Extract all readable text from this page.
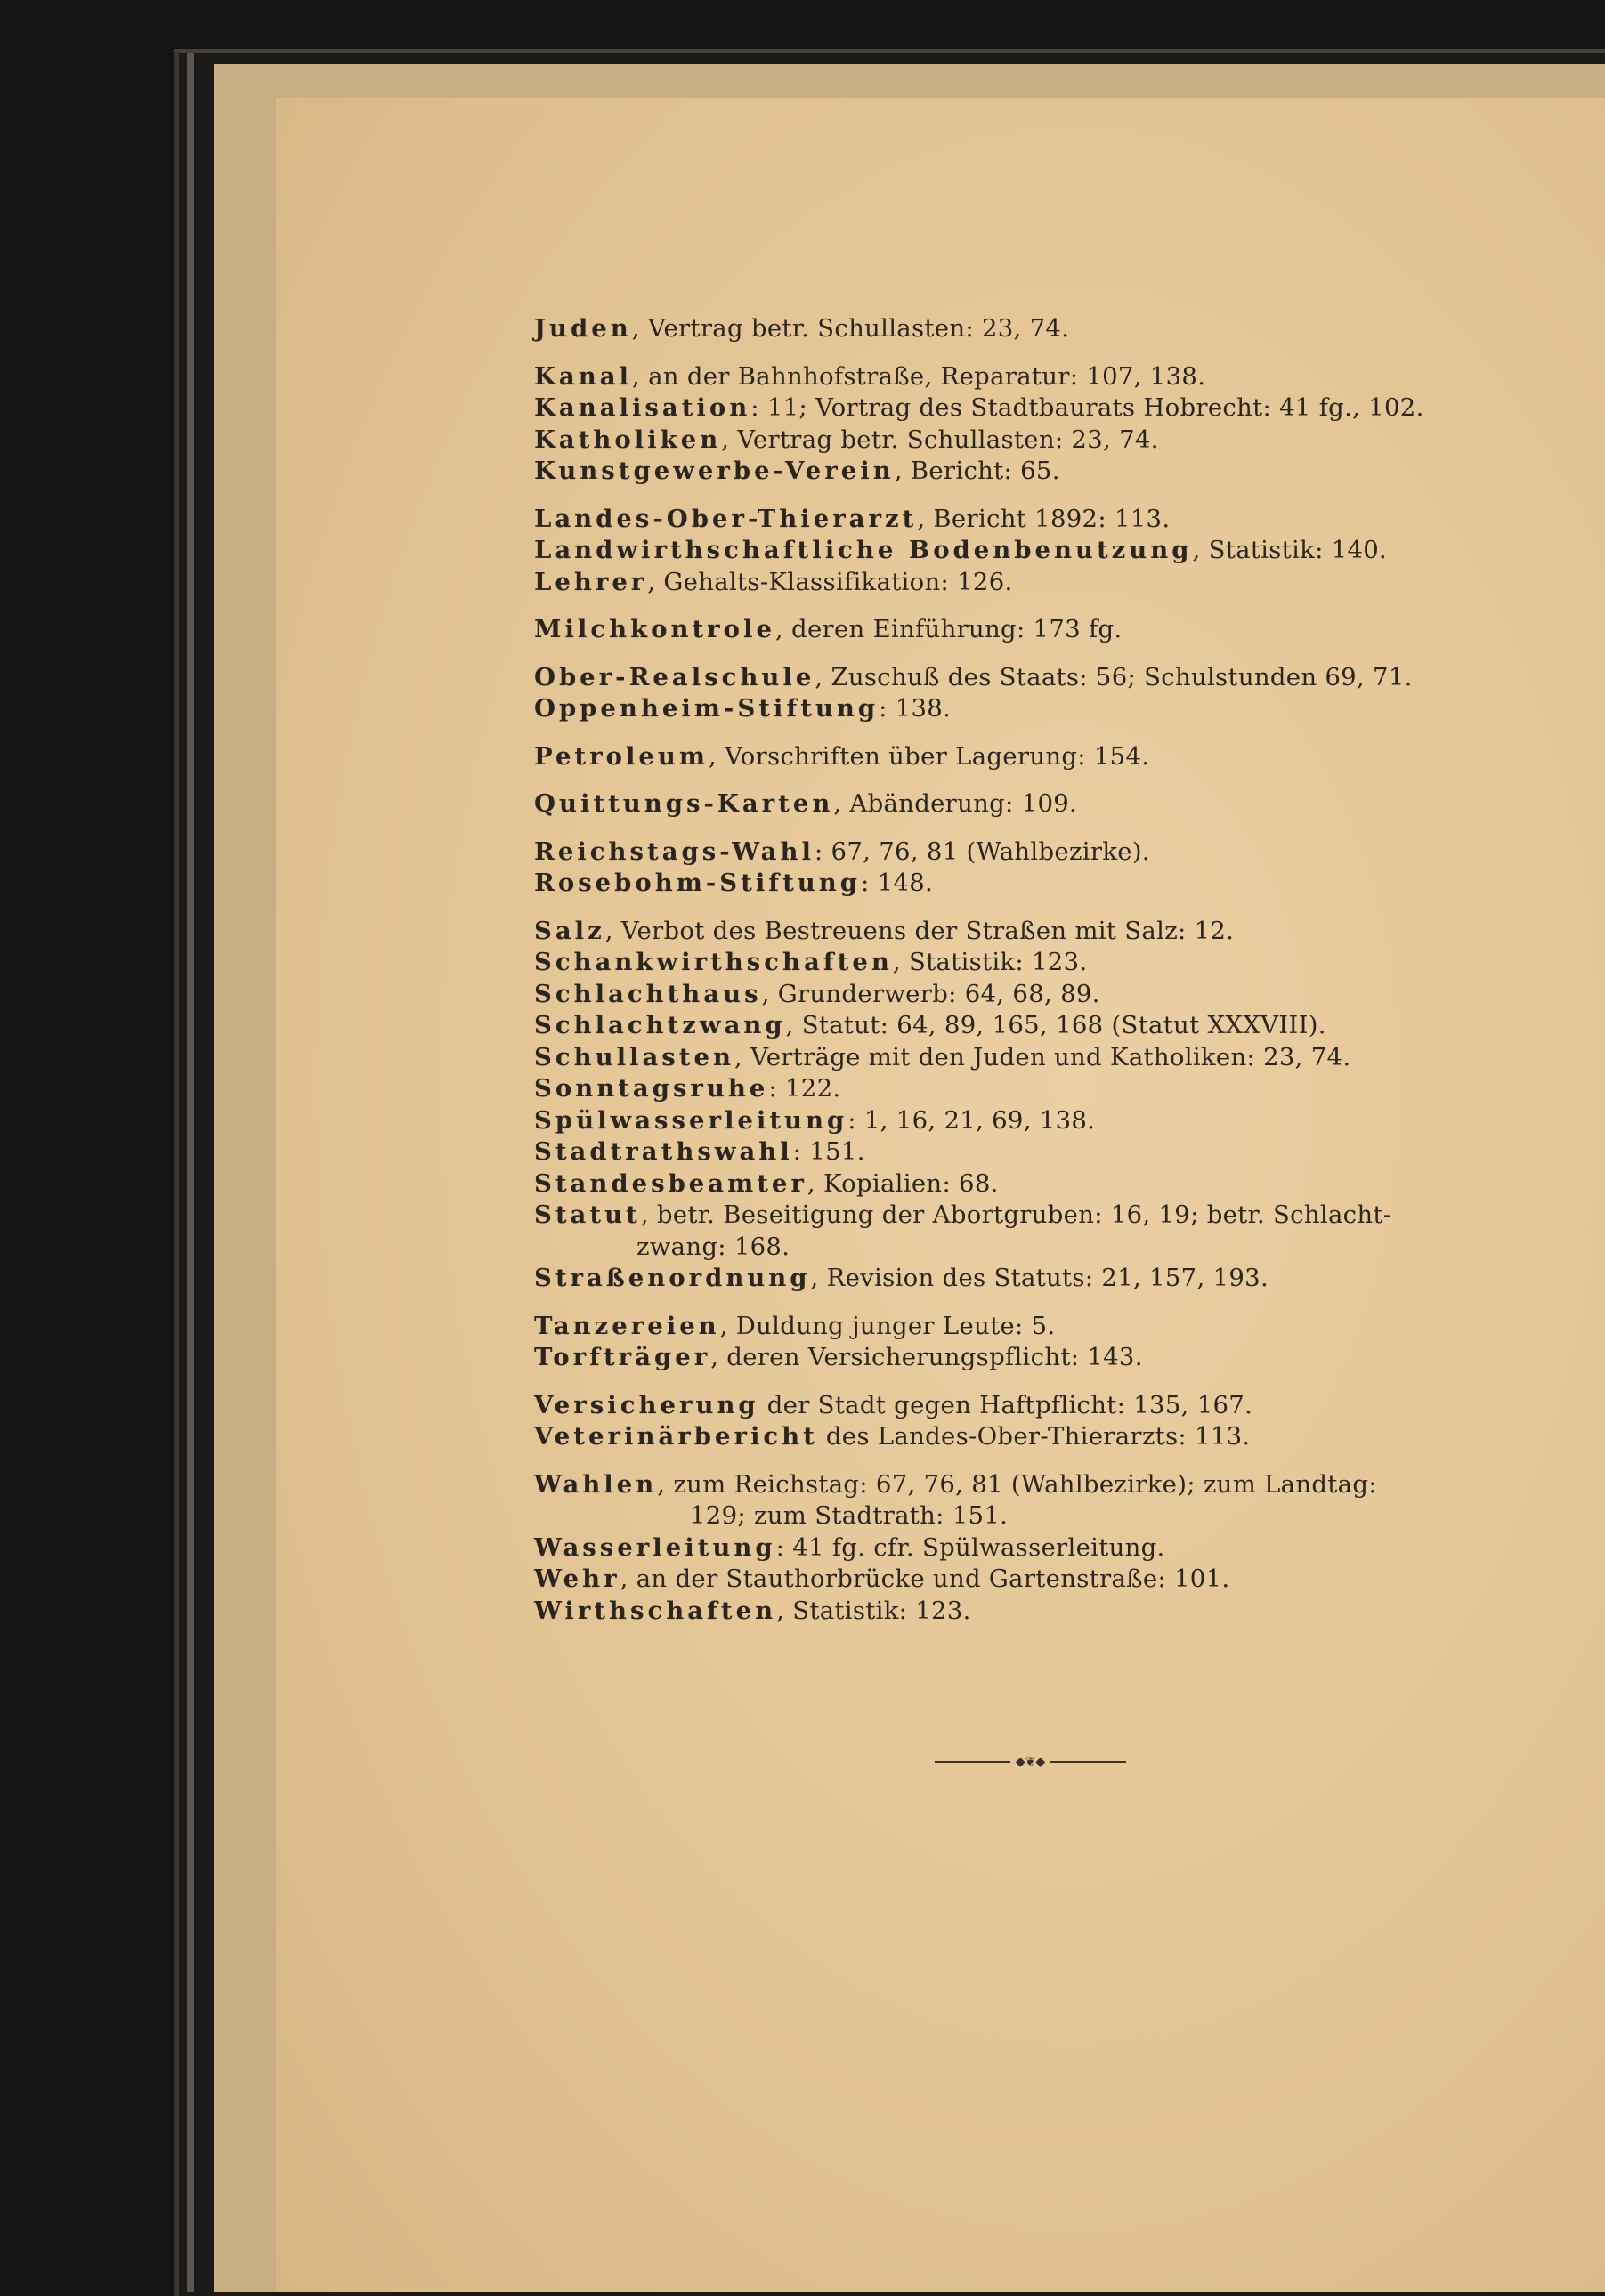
Juden, Vertrag betr. Schullasten: 23, 74.
Kanal, an der Bahnhofstraße, Reparatur: 107, 138.
Kanalisation: 11; Vortrag des Stadtbaurats Hobrecht: 41 fg., 102.
Katholiken, Vertrag betr. Schullasten: 23, 74.
Kunstgewerbe-Verein, Bericht: 65.
Landes-Ober-Thierarzt, Bericht 1892: 113.
Landwirthschaftliche Bodenbenutzung, Statistik: 140.
Lehrer, Gehalts-Klassifikation: 126.
Milchkontrole, deren Einführung: 173 fg.
Ober-Realschule, Zuschuß des Staats: 56; Schulstunden 69, 71.
Oppenheim-Stiftung: 138.
Petroleum, Vorschriften über Lagerung: 154.
Quittungs-Karten, Abänderung: 109.
Reichstags-Wahl: 67, 76, 81 (Wahlbezirke).
Rosebohm-Stiftung: 148.
Salz, Verbot des Bestreuens der Straßen mit Salz: 12.
Schankwirthschaften, Statistik: 123.
Schlachthaus, Grunderwerb: 64, 68, 89.
Schlachtzwang, Statut: 64, 89, 165, 168 (Statut XXXVIII).
Schullasten, Verträge mit den Juden und Katholiken: 23, 74.
Sonntagsruhe: 122.
Spülwasserleitung: 1, 16, 21, 69, 138.
Stadtrathswahl: 151.
Standesbeamter, Kopialien: 68.
Statut, betr. Beseitigung der Abortgruben: 16, 19; betr. Schlacht-
zwang: 168.
Straßenordnung, Revision des Statuts: 21, 157, 193.
Tanzereien, Duldung junger Leute: 5.
Torfträger, deren Versicherungspflicht: 143.
Versicherung der Stadt gegen Haftpflicht: 135, 167.
Veterinärbericht des Landes-Ober-Thierarzts: 113.
Wahlen, zum Reichstag: 67, 76, 81 (Wahlbezirke); zum Landtag:
129; zum Stadtrath: 151.
Wasserleitung: 41 fg. cfr. Spülwasserleitung.
Wehr, an der Stauthorbrücke und Gartenstraße: 101.
Wirthschaften, Statistik: 123.
◆❦◆
